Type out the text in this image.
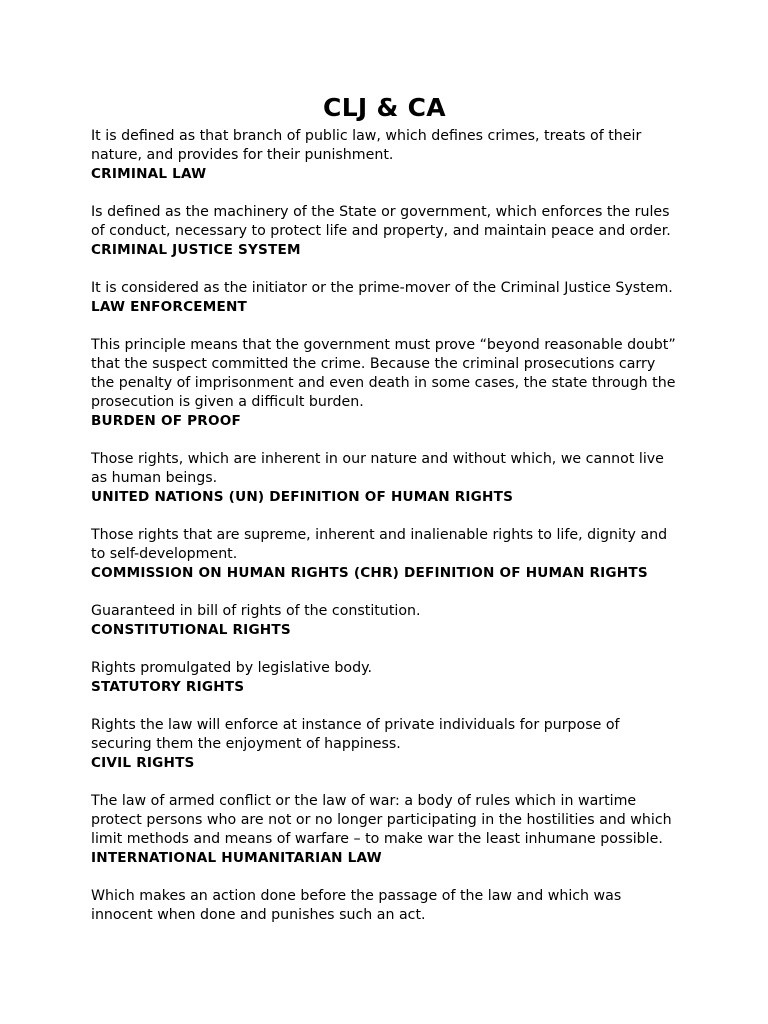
CLJ & CA

It is defined as that branch of public law, which defines crimes, treats of their nature, and provides for their punishment.

CRIMINAL LAW

Is defined as the machinery of the State or government, which enforces the rules of conduct, necessary to protect life and property, and maintain peace and order.

CRIMINAL JUSTICE SYSTEM

It is considered as the initiator or the prime-mover of the Criminal Justice System.

LAW ENFORCEMENT

This principle means that the government must prove “beyond reasonable doubt” that the suspect committed the crime. Because the criminal prosecutions carry the penalty of imprisonment and even death in some cases, the state through the prosecution is given a difficult burden.

BURDEN OF PROOF

Those rights, which are inherent in our nature and without which, we cannot live as human beings.

UNITED NATIONS (UN) DEFINITION OF HUMAN RIGHTS

Those rights that are supreme, inherent and inalienable rights to life, dignity and to self-development.

COMMISSION ON HUMAN RIGHTS (CHR) DEFINITION OF HUMAN RIGHTS

Guaranteed in bill of rights of the constitution.

CONSTITUTIONAL RIGHTS

Rights promulgated by legislative body.

STATUTORY RIGHTS

Rights the law will enforce at instance of private individuals for purpose of securing them the enjoyment of happiness.

CIVIL RIGHTS

The law of armed conflict or the law of war: a body of rules which in wartime protect persons who are not or no longer participating in the hostilities and which limit methods and means of warfare – to make war the least inhumane possible.

INTERNATIONAL HUMANITARIAN LAW

Which makes an action done before the passage of the law and which was innocent when done and punishes such an act.
